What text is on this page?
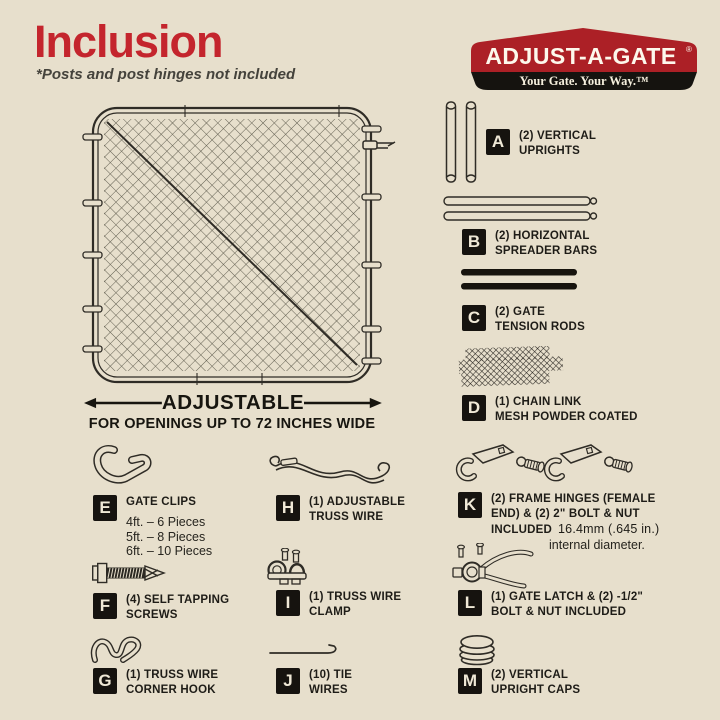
Inclusion
*Posts and post hinges not included
ADJUST-A-GATE ®
Your Gate. Your Way.™
ADJUSTABLE
FOR OPENINGS UP TO 72 INCHES WIDE
A	(2) VERTICAL
UPRIGHTS
B	(2) HORIZONTAL
SPREADER BARS
C	(2) GATE
TENSION RODS
D	(1) CHAIN LINK
MESH POWDER COATED
E	GATE CLIPS
4ft. – 6 Pieces
5ft. – 8 Pieces
6ft. – 10 Pieces
F	(4) SELF TAPPING
SCREWS
G	(1) TRUSS WIRE
CORNER HOOK
H	(1) ADJUSTABLE
TRUSS WIRE
I	(1) TRUSS WIRE
CLAMP
J	(10) TIE
WIRES
K	(2) FRAME HINGES (FEMALE
END) & (2) 2" BOLT & NUT
INCLUDED 16.4mm (.645 in.)
internal diameter.
L	(1) GATE LATCH & (2) -1/2"
BOLT & NUT INCLUDED
M	(2) VERTICAL
UPRIGHT CAPS
